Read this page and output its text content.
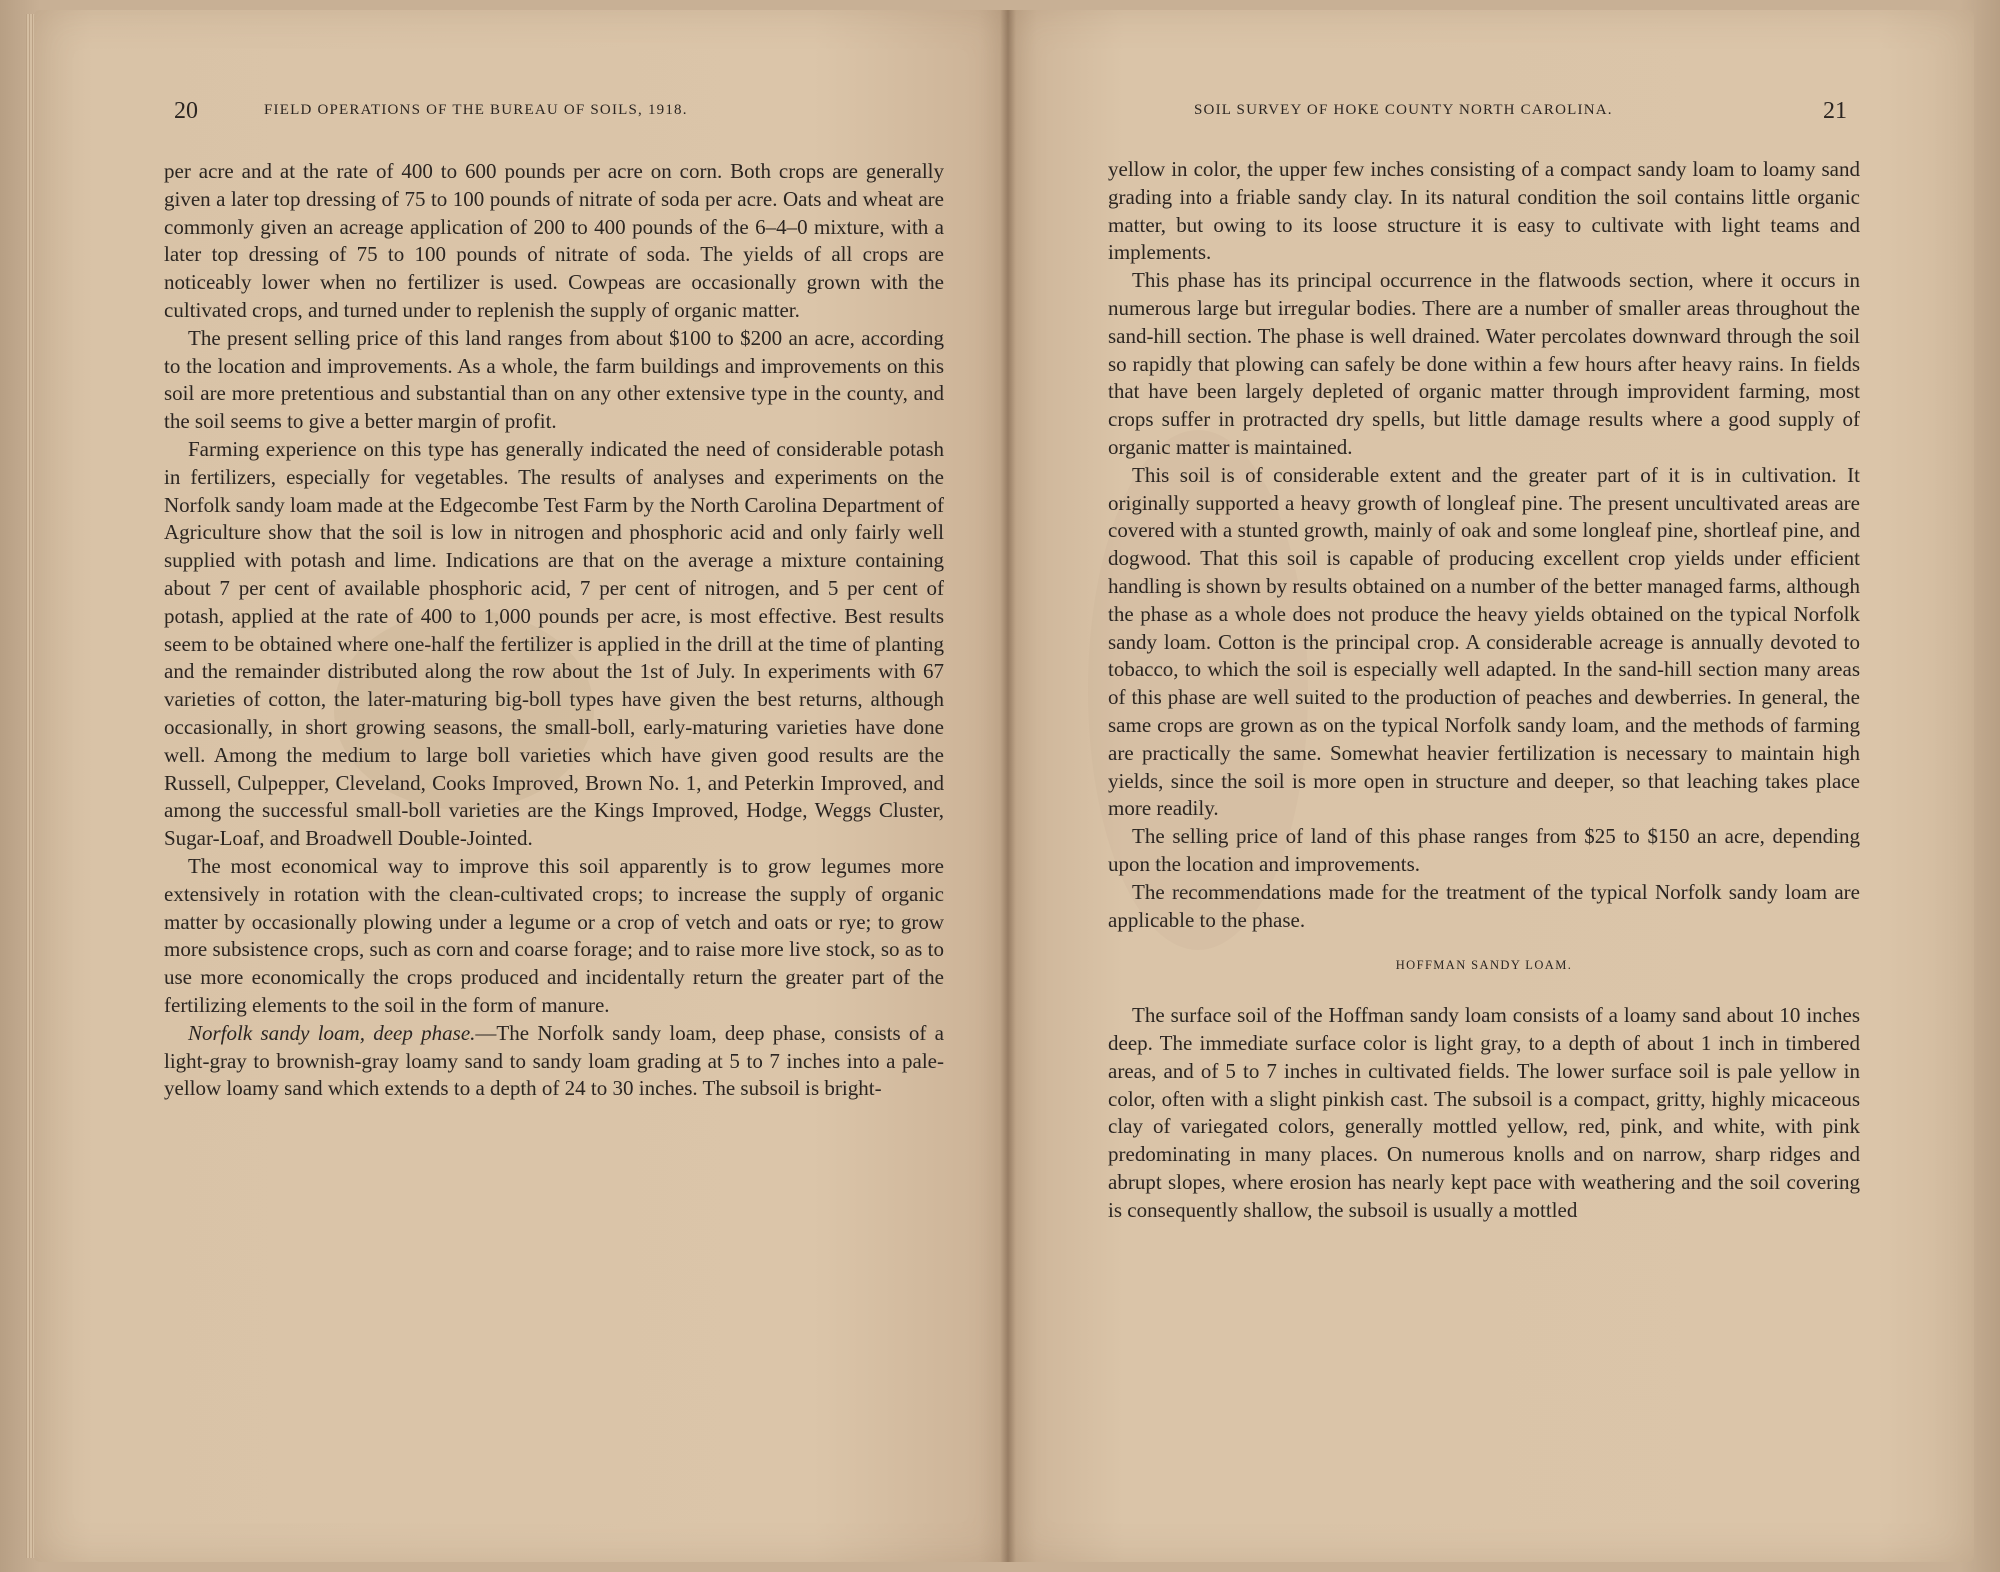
20	FIELD OPERATIONS OF THE BUREAU OF SOILS, 1918.

per acre and at the rate of 400 to 600 pounds per acre on corn. Both crops are generally given a later top dressing of 75 to 100 pounds of nitrate of soda per acre. Oats and wheat are commonly given an acreage application of 200 to 400 pounds of the 6–4–0 mixture, with a later top dressing of 75 to 100 pounds of nitrate of soda. The yields of all crops are noticeably lower when no fertilizer is used. Cowpeas are occasionally grown with the cultivated crops, and turned under to replenish the supply of organic matter.

The present selling price of this land ranges from about $100 to $200 an acre, according to the location and improvements. As a whole, the farm buildings and improvements on this soil are more pretentious and substantial than on any other extensive type in the county, and the soil seems to give a better margin of profit.

Farming experience on this type has generally indicated the need of considerable potash in fertilizers, especially for vegetables. The results of analyses and experiments on the Norfolk sandy loam made at the Edgecombe Test Farm by the North Carolina Department of Agriculture show that the soil is low in nitrogen and phosphoric acid and only fairly well supplied with potash and lime. Indications are that on the average a mixture containing about 7 per cent of available phosphoric acid, 7 per cent of nitrogen, and 5 per cent of potash, applied at the rate of 400 to 1,000 pounds per acre, is most effective. Best results seem to be obtained where one-half the fertilizer is applied in the drill at the time of planting and the remainder distributed along the row about the 1st of July. In experiments with 67 varieties of cotton, the later-maturing big-boll types have given the best returns, although occasionally, in short growing seasons, the small-boll, early-maturing varieties have done well. Among the medium to large boll varieties which have given good results are the Russell, Culpepper, Cleveland, Cooks Improved, Brown No. 1, and Peterkin Improved, and among the successful small-boll varieties are the Kings Improved, Hodge, Weggs Cluster, Sugar-Loaf, and Broadwell Double-Jointed.

The most economical way to improve this soil apparently is to grow legumes more extensively in rotation with the clean-cultivated crops; to increase the supply of organic matter by occasionally plowing under a legume or a crop of vetch and oats or rye; to grow more subsistence crops, such as corn and coarse forage; and to raise more live stock, so as to use more economically the crops produced and incidentally return the greater part of the fertilizing elements to the soil in the form of manure.

Norfolk sandy loam, deep phase.—The Norfolk sandy loam, deep phase, consists of a light-gray to brownish-gray loamy sand to sandy loam grading at 5 to 7 inches into a pale-yellow loamy sand which extends to a depth of 24 to 30 inches. The subsoil is bright-

SOIL SURVEY OF HOKE COUNTY NORTH CAROLINA.	21

yellow in color, the upper few inches consisting of a compact sandy loam to loamy sand grading into a friable sandy clay. In its natural condition the soil contains little organic matter, but owing to its loose structure it is easy to cultivate with light teams and implements.

This phase has its principal occurrence in the flatwoods section, where it occurs in numerous large but irregular bodies. There are a number of smaller areas throughout the sand-hill section. The phase is well drained. Water percolates downward through the soil so rapidly that plowing can safely be done within a few hours after heavy rains. In fields that have been largely depleted of organic matter through improvident farming, most crops suffer in protracted dry spells, but little damage results where a good supply of organic matter is maintained.

This soil is of considerable extent and the greater part of it is in cultivation. It originally supported a heavy growth of longleaf pine. The present uncultivated areas are covered with a stunted growth, mainly of oak and some longleaf pine, shortleaf pine, and dogwood. That this soil is capable of producing excellent crop yields under efficient handling is shown by results obtained on a number of the better managed farms, although the phase as a whole does not produce the heavy yields obtained on the typical Norfolk sandy loam. Cotton is the principal crop. A considerable acreage is annually devoted to tobacco, to which the soil is especially well adapted. In the sand-hill section many areas of this phase are well suited to the production of peaches and dewberries. In general, the same crops are grown as on the typical Norfolk sandy loam, and the methods of farming are practically the same. Somewhat heavier fertilization is necessary to maintain high yields, since the soil is more open in structure and deeper, so that leaching takes place more readily.

The selling price of land of this phase ranges from $25 to $150 an acre, depending upon the location and improvements.

The recommendations made for the treatment of the typical Norfolk sandy loam are applicable to the phase.

HOFFMAN SANDY LOAM.

The surface soil of the Hoffman sandy loam consists of a loamy sand about 10 inches deep. The immediate surface color is light gray, to a depth of about 1 inch in timbered areas, and of 5 to 7 inches in cultivated fields. The lower surface soil is pale yellow in color, often with a slight pinkish cast. The subsoil is a compact, gritty, highly micaceous clay of variegated colors, generally mottled yellow, red, pink, and white, with pink predominating in many places. On numerous knolls and on narrow, sharp ridges and abrupt slopes, where erosion has nearly kept pace with weathering and the soil covering is consequently shallow, the subsoil is usually a mottled
